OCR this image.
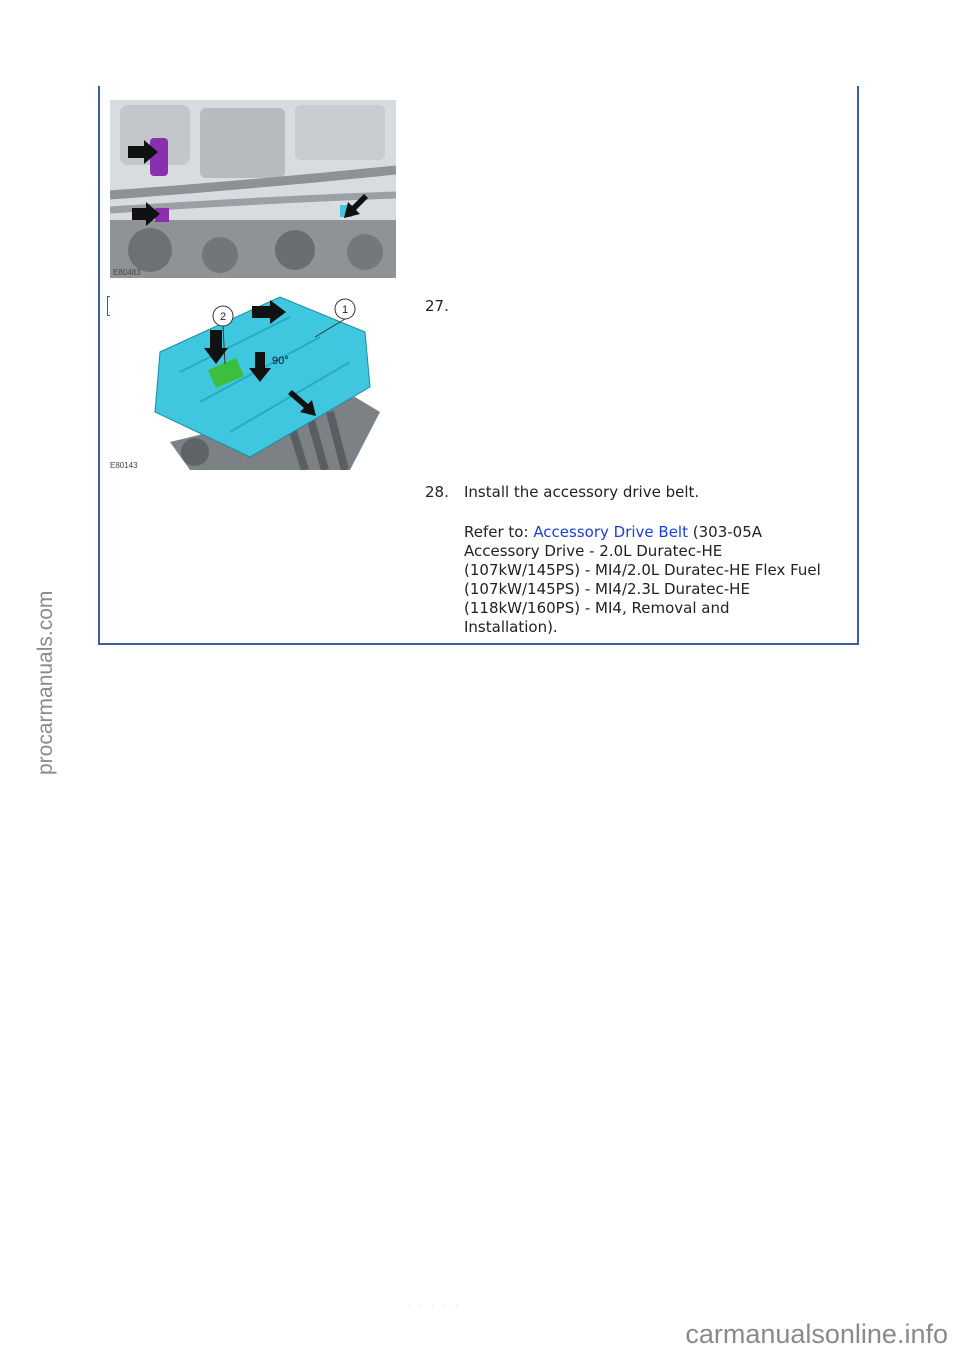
E80483
2
1
90°
E80143
27.
28. Install the accessory drive belt.
Refer to: Accessory Drive Belt (303-05A
Accessory Drive - 2.0L Duratec-HE
(107kW/145PS) - MI4/2.0L Duratec-HE Flex Fuel
(107kW/145PS) - MI4/2.3L Duratec-HE
(118kW/160PS) - MI4, Removal and
Installation).
· · · · ·
procarmanuals.com
carmanualsonline.info
